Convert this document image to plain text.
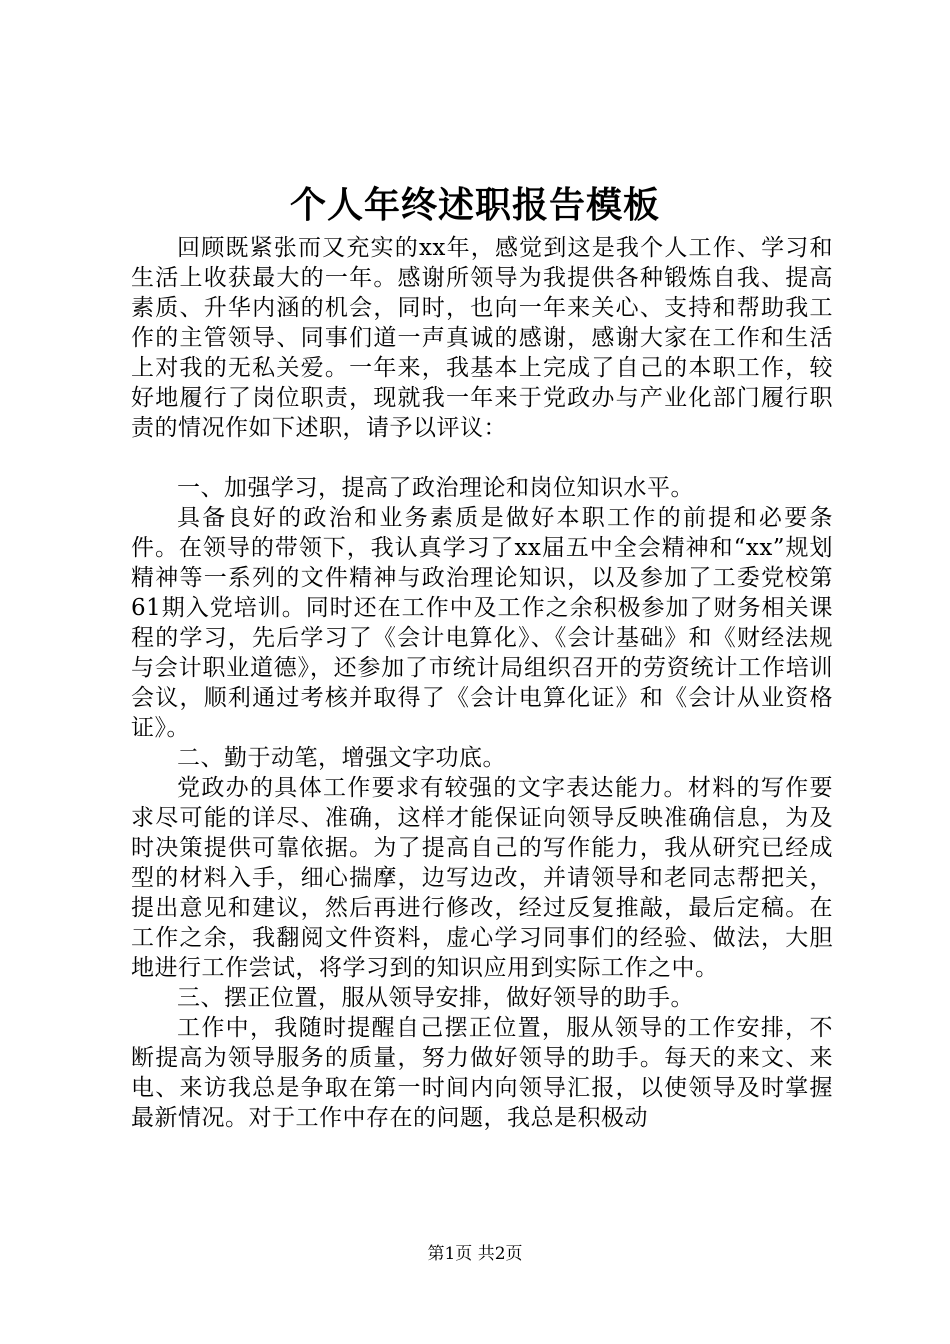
个人年终述职报告模板

回顾既紧张而又充实的xx年，感觉到这是我个人工作、学习和生活上收获最大的一年。感谢所领导为我提供各种锻炼自我、提高素质、升华内涵的机会，同时，也向一年来关心、支持和帮助我工作的主管领导、同事们道一声真诚的感谢，感谢大家在工作和生活上对我的无私关爱。一年来，我基本上完成了自己的本职工作，较好地履行了岗位职责，现就我一年来于党政办与产业化部门履行职责的情况作如下述职，请予以评议：

一、加强学习，提高了政治理论和岗位知识水平。

具备良好的政治和业务素质是做好本职工作的前提和必要条件。在领导的带领下，我认真学习了xx届五中全会精神和“xx”规划精神等一系列的文件精神与政治理论知识，以及参加了工委党校第61期入党培训。同时还在工作中及工作之余积极参加了财务相关课程的学习，先后学习了《会计电算化》、《会计基础》和《财经法规与会计职业道德》，还参加了市统计局组织召开的劳资统计工作培训会议，顺利通过考核并取得了《会计电算化证》和《会计从业资格证》。

二、勤于动笔，增强文字功底。

党政办的具体工作要求有较强的文字表达能力。材料的写作要求尽可能的详尽、准确，这样才能保证向领导反映准确信息，为及时决策提供可靠依据。为了提高自己的写作能力，我从研究已经成型的材料入手，细心揣摩，边写边改，并请领导和老同志帮把关，提出意见和建议，然后再进行修改，经过反复推敲，最后定稿。在工作之余，我翻阅文件资料，虚心学习同事们的经验、做法，大胆地进行工作尝试，将学习到的知识应用到实际工作之中。

三、摆正位置，服从领导安排，做好领导的助手。

工作中，我随时提醒自己摆正位置，服从领导的工作安排，不断提高为领导服务的质量，努力做好领导的助手。每天的来文、来电、来访我总是争取在第一时间内向领导汇报，以使领导及时掌握最新情况。对于工作中存在的问题，我总是积极动

第1页 共2页
